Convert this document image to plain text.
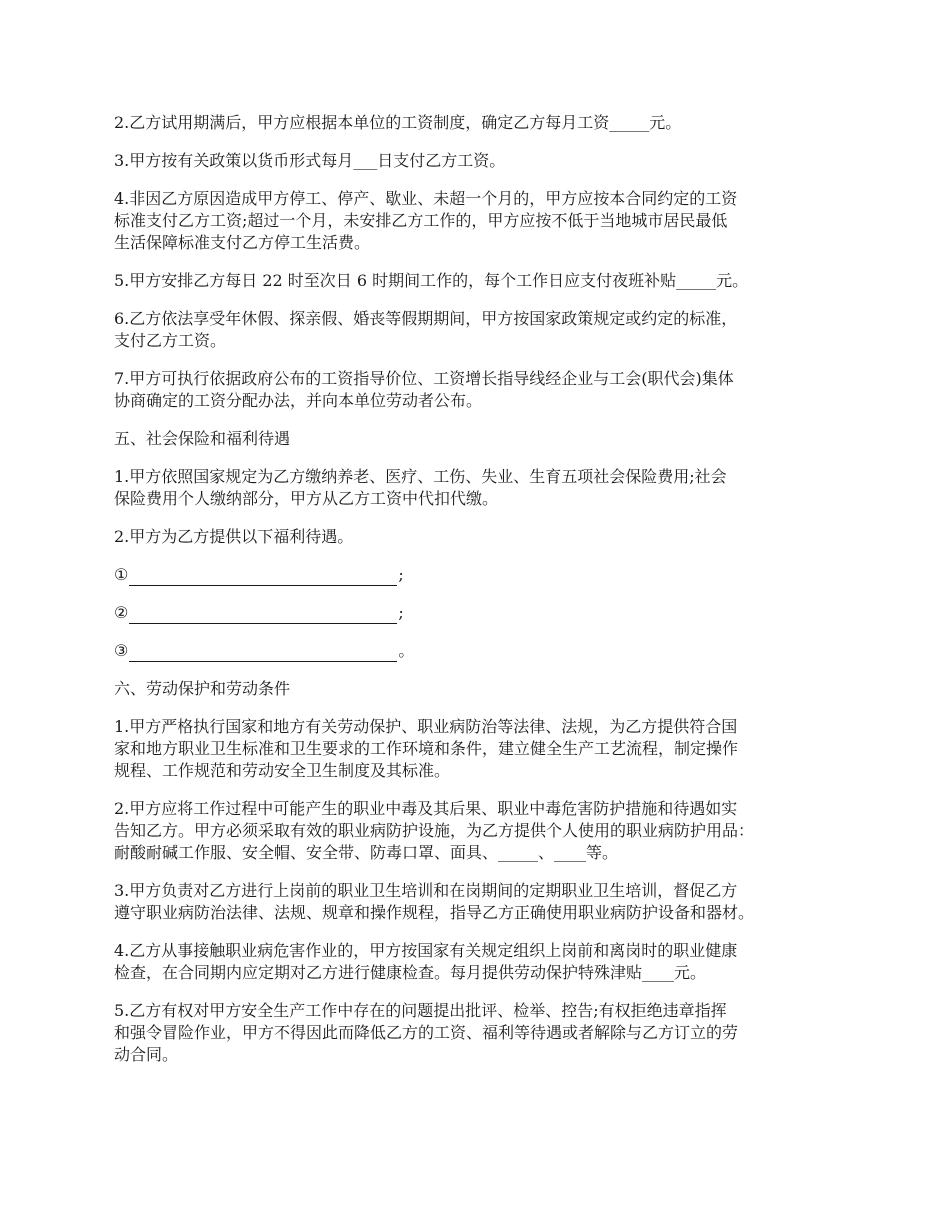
2.乙方试用期满后，甲方应根据本单位的工资制度，确定乙方每月工资_____元。
3.甲方按有关政策以货币形式每月___日支付乙方工资。
4.非因乙方原因造成甲方停工、停产、歇业、未超一个月的，甲方应按本合同约定的工资
标准支付乙方工资;超过一个月，未安排乙方工作的，甲方应按不低于当地城市居民最低
生活保障标准支付乙方停工生活费。
5.甲方安排乙方每日 22 时至次日 6 时期间工作的，每个工作日应支付夜班补贴_____元。
6.乙方依法享受年休假、探亲假、婚丧等假期期间，甲方按国家政策规定或约定的标准，
支付乙方工资。
7.甲方可执行依据政府公布的工资指导价位、工资增长指导线经企业与工会(职代会)集体
协商确定的工资分配办法，并向本单位劳动者公布。
五、社会保险和福利待遇
1.甲方依照国家规定为乙方缴纳养老、医疗、工伤、失业、生育五项社会保险费用;社会
保险费用个人缴纳部分，甲方从乙方工资中代扣代缴。
2.甲方为乙方提供以下福利待遇。
①	;
②	;
③	。
六、劳动保护和劳动条件
1.甲方严格执行国家和地方有关劳动保护、职业病防治等法律、法规，为乙方提供符合国
家和地方职业卫生标准和卫生要求的工作环境和条件，建立健全生产工艺流程，制定操作
规程、工作规范和劳动安全卫生制度及其标准。
2.甲方应将工作过程中可能产生的职业中毒及其后果、职业中毒危害防护措施和待遇如实
告知乙方。甲方必须采取有效的职业病防护设施，为乙方提供个人使用的职业病防护用品：
耐酸耐碱工作服、安全帽、安全带、防毒口罩、面具、_____、____等。
3.甲方负责对乙方进行上岗前的职业卫生培训和在岗期间的定期职业卫生培训，督促乙方
遵守职业病防治法律、法规、规章和操作规程，指导乙方正确使用职业病防护设备和器材。
4.乙方从事接触职业病危害作业的，甲方按国家有关规定组织上岗前和离岗时的职业健康
检查，在合同期内应定期对乙方进行健康检查。每月提供劳动保护特殊津贴____元。
5.乙方有权对甲方安全生产工作中存在的问题提出批评、检举、控告;有权拒绝违章指挥
和强令冒险作业，甲方不得因此而降低乙方的工资、福利等待遇或者解除与乙方订立的劳
动合同。
